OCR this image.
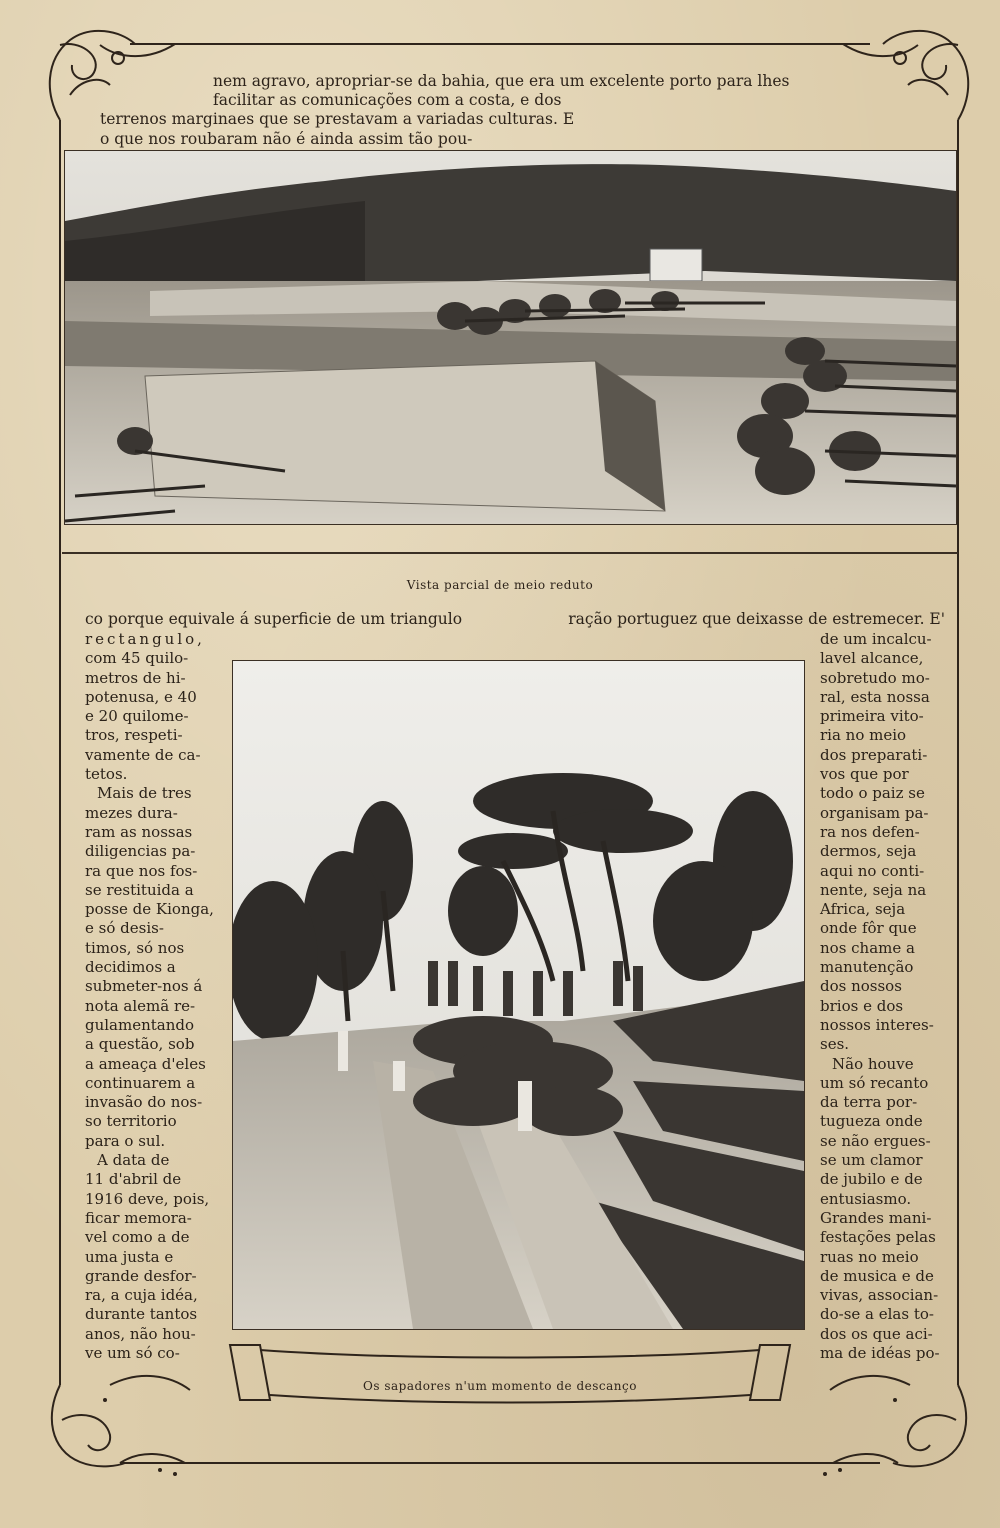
nem agravo, apropriar-se da bahia, que era um excelente porto para lhes
facilitar as comunicações com a costa, e dos
terrenos marginaes que se prestavam a variadas culturas. E
o que nos roubaram não é ainda assim tão pou-
Vista parcial de meio reduto
co porque equivale á superficie de um triangulo	ração portuguez que deixasse de estremecer. E'
rectangulo,
com 45 quilo-
metros de hi-
potenusa, e 40
e 20 quilome-
tros, respeti-
vamente de ca-
tetos.
Mais de tres
mezes dura-
ram as nossas
diligencias pa-
ra que nos fos-
se restituida a
posse de Kionga,
e só desis-
timos, só nos
decidimos a
submeter-nos á
nota alemã re-
gulamentando
a questão, sob
a ameaça d'eles
continuarem a
invasão do nos-
so territorio
para o sul.
A data de
11 d'abril de
1916 deve, pois,
ficar memora-
vel como a de
uma justa e
grande desfor-
ra, a cuja idéa,
durante tantos
anos, não hou-
ve um só co-
de um incalcu-
lavel alcance,
sobretudo mo-
ral, esta nossa
primeira vito-
ria no meio
dos preparati-
vos que por
todo o paiz se
organisam pa-
ra nos defen-
dermos, seja
aqui no conti-
nente, seja na
Africa, seja
onde fôr que
nos chame a
manutenção
dos nossos
brios e dos
nossos interes-
ses.
Não houve
um só recanto
da terra por-
tugueza onde
se não ergues-
se um clamor
de jubilo e de
entusiasmo.
Grandes mani-
festações pelas
ruas no meio
de musica e de
vivas, associan-
do-se a elas to-
dos os que aci-
ma de idéas po-
Os sapadores n'um momento de descanço
